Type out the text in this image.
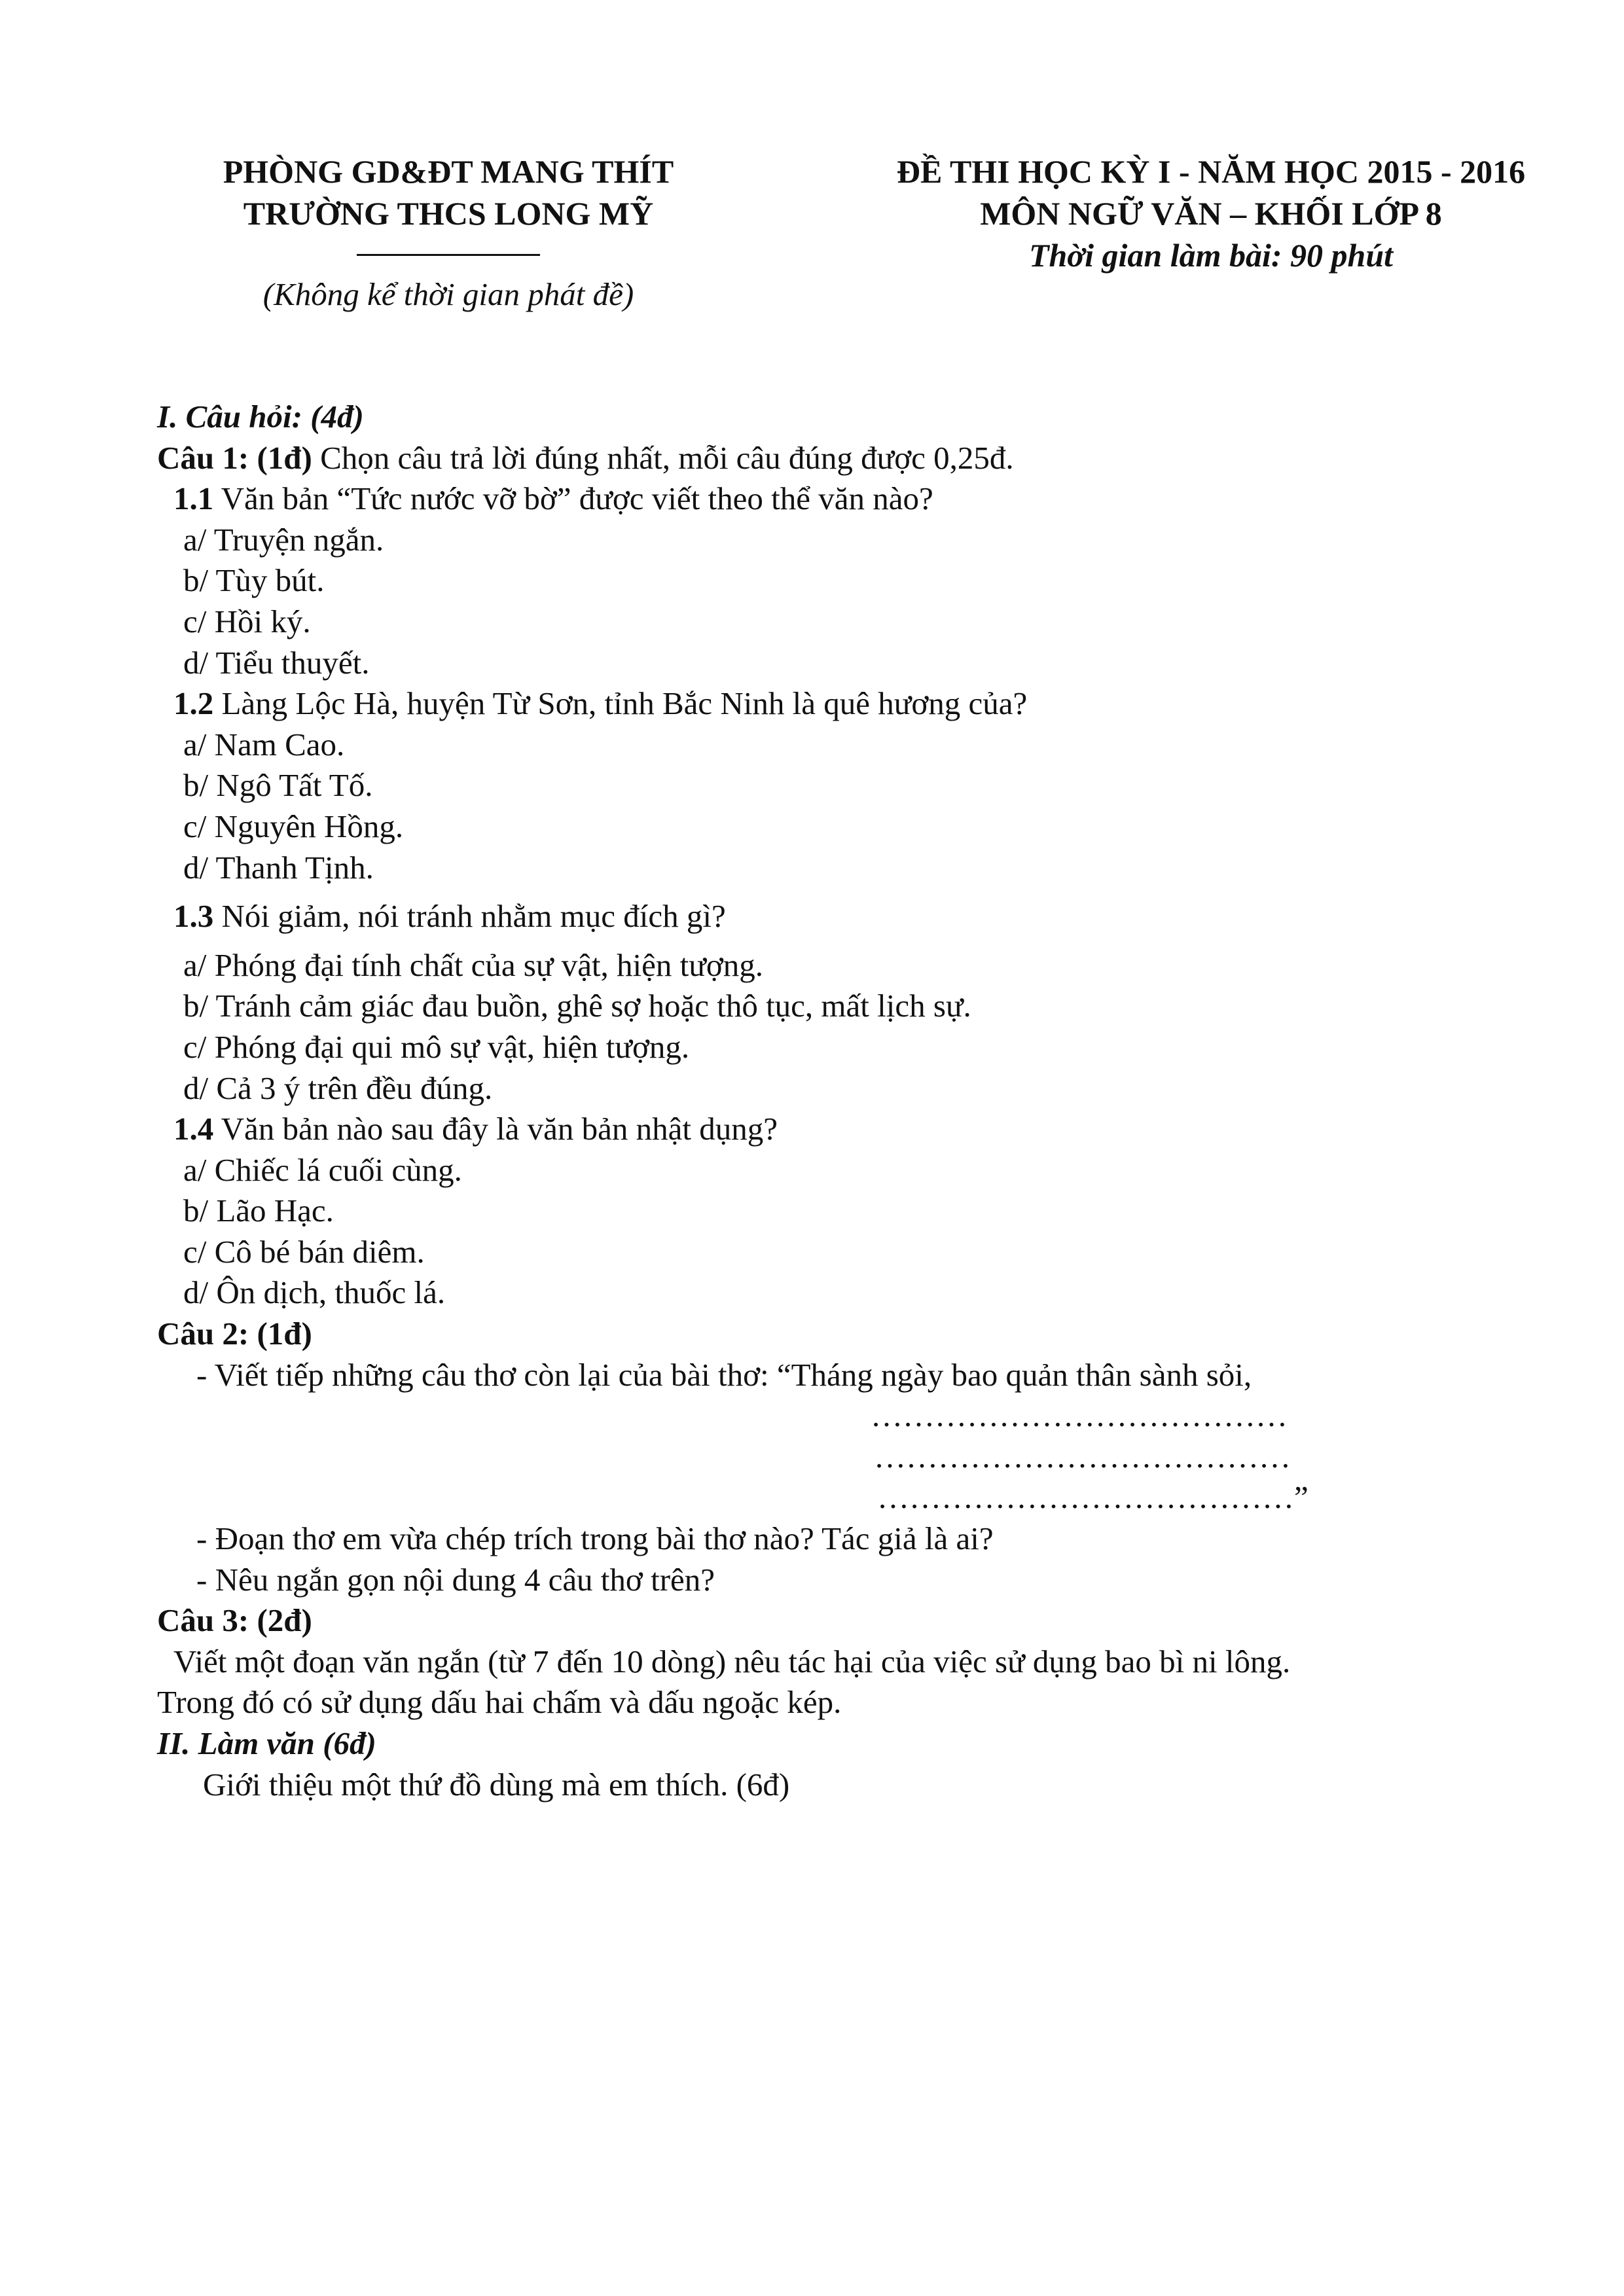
PHÒNG GD&ĐT MANG THÍT
TRƯỜNG THCS LONG MỸ
(Không kể thời gian phát đề)
ĐỀ THI HỌC KỲ I - NĂM HỌC 2015 - 2016
MÔN NGỮ VĂN – KHỐI LỚP 8
Thời gian làm bài: 90 phút
I. Câu hỏi: (4đ)
Câu 1: (1đ) Chọn câu trả lời đúng nhất, mỗi câu đúng được 0,25đ.
1.1 Văn bản “Tức nước vỡ bờ” được viết theo thể văn nào?
a/ Truyện ngắn.
b/ Tùy bút.
c/ Hồi ký.
d/ Tiểu thuyết.
1.2 Làng Lộc Hà, huyện Từ Sơn, tỉnh Bắc Ninh là quê hương của?
a/ Nam Cao.
b/ Ngô Tất Tố.
c/ Nguyên Hồng.
d/ Thanh Tịnh.
1.3 Nói giảm, nói tránh nhằm mục đích gì?
a/ Phóng đại tính chất của sự vật, hiện tượng.
b/ Tránh cảm giác đau buồn, ghê sợ hoặc thô tục, mất lịch sự.
c/ Phóng đại qui mô sự vật, hiện tượng.
d/ Cả 3 ý trên đều đúng.
1.4 Văn bản nào sau đây là văn bản nhật dụng?
a/ Chiếc lá cuối cùng.
b/ Lão Hạc.
c/ Cô bé bán diêm.
d/ Ôn dịch, thuốc lá.
Câu 2: (1đ)
- Viết tiếp những câu thơ còn lại của bài thơ: “Tháng ngày bao quản thân sành sỏi,
…………………………………
…………………………………
…………………………………”
- Đoạn thơ em vừa chép trích trong bài thơ nào? Tác giả là ai?
- Nêu ngắn gọn nội dung 4 câu thơ trên?
Câu 3: (2đ)
Viết một đoạn văn ngắn (từ 7 đến 10 dòng) nêu tác hại của việc sử dụng bao bì ni lông.
Trong đó có sử dụng dấu hai chấm và dấu ngoặc kép.
II. Làm văn (6đ)
Giới thiệu một thứ đồ dùng mà em thích. (6đ)
